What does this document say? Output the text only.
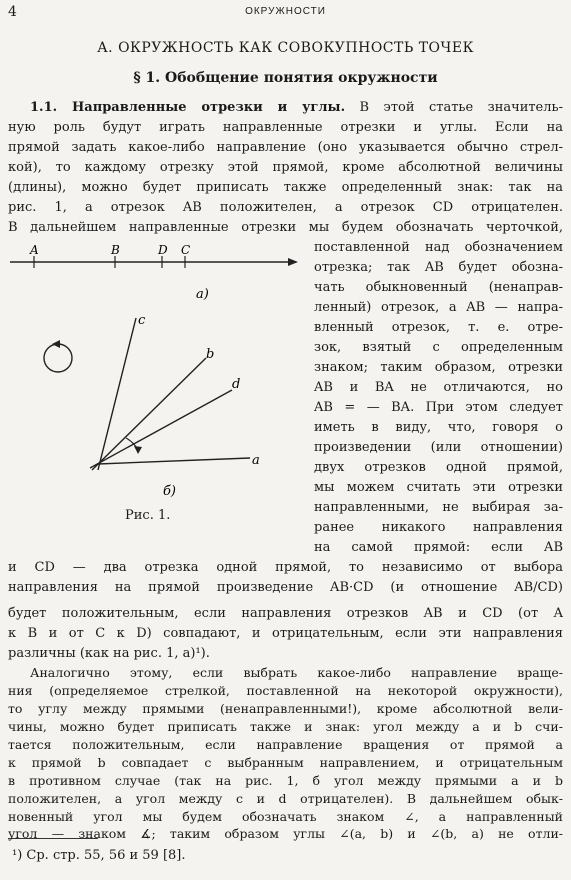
4	ОКРУЖНОСТИ
А. ОКРУЖНОСТЬ КАК СОВОКУПНОСТЬ ТОЧЕК
§ 1. Обобщение понятия окружности
1.1. Направленные отрезки и углы. В этой статье значитель-
ную роль будут играть направленные отрезки и углы. Если на
прямой задать какое-либо направление (оно указывается обычно стрел-
кой), то каждому отрезку этой прямой, кроме абсолютной величины
(длины), можно будет приписать также определенный знак: так на
рис. 1, а отрезок AB положителен, а отрезок CD отрицателен.
В дальнейшем направленные отрезки мы будем обозначать черточкой,
поставленной над обозначением
отрезка; так AB будет обозна-
чать обыкновенный (ненаправ-
ленный) отрезок, а AB — напра-
вленный отрезок, т. е. отре-
зок, взятый с определенным
знаком; таким образом, отрезки
AB и BA не отличаются, но
AB = — BA. При этом следует
иметь в виду, что, говоря о
произведении (или отношении)
двух отрезков одной прямой,
мы можем считать эти отрезки
направленными, не выбирая за-
ранее никакого направления
на самой прямой: если AB
A	B	D C
а)
a
b
c
d
б)
Рис. 1.
и CD — два отрезка одной прямой, то независимо от выбора
направления на прямой произведение AB·CD (и отношение AB/CD)
будет положительным, если направления отрезков AB и CD (от A
к B и от C к D) совпадают, и отрицательным, если эти направления
различны (как на рис. 1, а)¹).
Аналогично этому, если выбрать какое-либо направление враще-
ния (определяемое стрелкой, поставленной на некоторой окружности),
то углу между прямыми (ненаправленными!), кроме абсолютной вели-
чины, можно будет приписать также и знак: угол между a и b счи-
тается положительным, если направление вращения от прямой a
к прямой b совпадает с выбранным направлением, и отрицательным
в противном случае (так на рис. 1, б угол между прямыми a и b
положителен, а угол между c и d отрицателен). В дальнейшем обык-
новенный угол мы будем обозначать знаком ∠, а направленный
угол — знаком ∡; таким образом углы ∠(a, b) и ∠(b, a) не отли-
¹) Ср. стр. 55, 56 и 59 [8].
